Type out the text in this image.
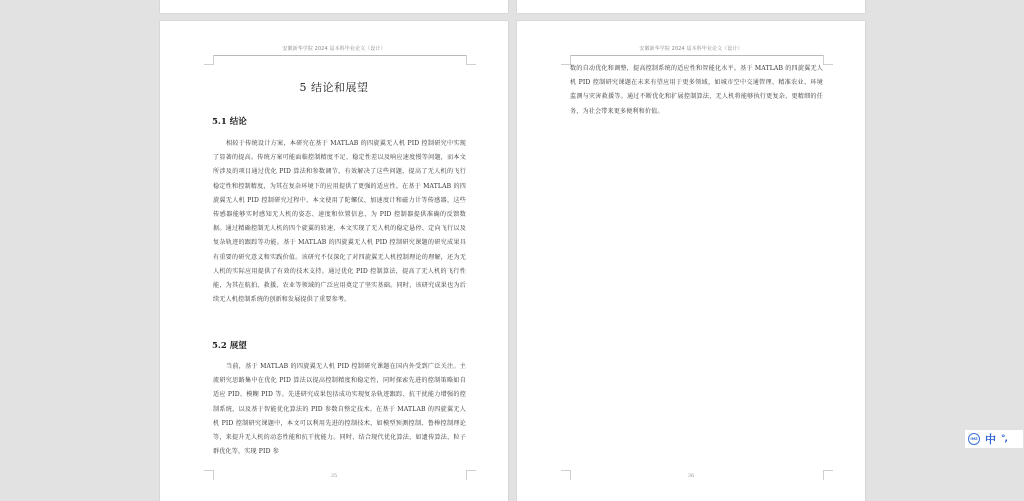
安徽新华学院 2024 届本科毕业论文（设计）
5 结论和展望
5.1 结论

相较于传统设计方案，本研究在基于 MATLAB 的四旋翼无人机 PID 控制研究中实现了显著的提高。传统方案可能面临控制精度不足、稳定性差以及响应速度慢等问题，而本文所涉及的项目通过优化 PID 算法和参数调节，有效解决了这些问题，提高了无人机的飞行稳定性和控制精度，为其在复杂环境下的应用提供了更强的适应性。在基于 MATLAB 的四旋翼无人机 PID 控制研究过程中，本文使用了陀螺仪、加速度计和磁力计等传感器，这些传感器能够实时感知无人机的姿态、速度和位置信息，为 PID 控制器提供准确的反馈数据。通过精确控制无人机的四个旋翼的转速，本文实现了无人机的稳定悬停、定向飞行以及复杂轨迹的跟踪等功能。基于 MATLAB 的四旋翼无人机 PID 控制研究课题的研究成果具有重要的研究意义和实践价值。该研究不仅深化了对四旋翼无人机控制理论的理解，还为无人机的实际应用提供了有效的技术支持。通过优化 PID 控制算法，提高了无人机的飞行性能，为其在航拍、救援、农业等领域的广泛应用奠定了坚实基础。同时，该研究成果也为后续无人机控制系统的创新和发展提供了重要参考。

5.2 展望

当前，基于 MATLAB 的四旋翼无人机 PID 控制研究课题在国内外受到广泛关注。主流研究思路集中在优化 PID 算法以提高控制精度和稳定性，同时探索先进的控制策略如自适应 PID、模糊 PID 等。先进研究成果包括成功实现复杂轨迹跟踪、抗干扰能力增强的控制系统，以及基于智能优化算法的 PID 参数自整定技术。在基于 MATLAB 的四旋翼无人机 PID 控制研究课题中，本文可以利用先进的控制技术，如模型预测控制、鲁棒控制理论等，来提升无人机的动态性能和抗干扰能力。同时，结合现代优化算法，如遗传算法、粒子群优化等，实现 PID 参

35
安徽新华学院 2024 届本科毕业论文（设计）

数的自动优化和调整，提高控制系统的适应性和智能化水平。基于 MATLAB 的四旋翼无人机 PID 控制研究课题在未来有望应用于更多领域，如城市空中交通管理、精准农业、环境监测与灾害救援等。通过不断优化和扩展控制算法，无人机将能够执行更复杂、更精细的任务，为社会带来更多便利和价值。

36
IME 中 °,
